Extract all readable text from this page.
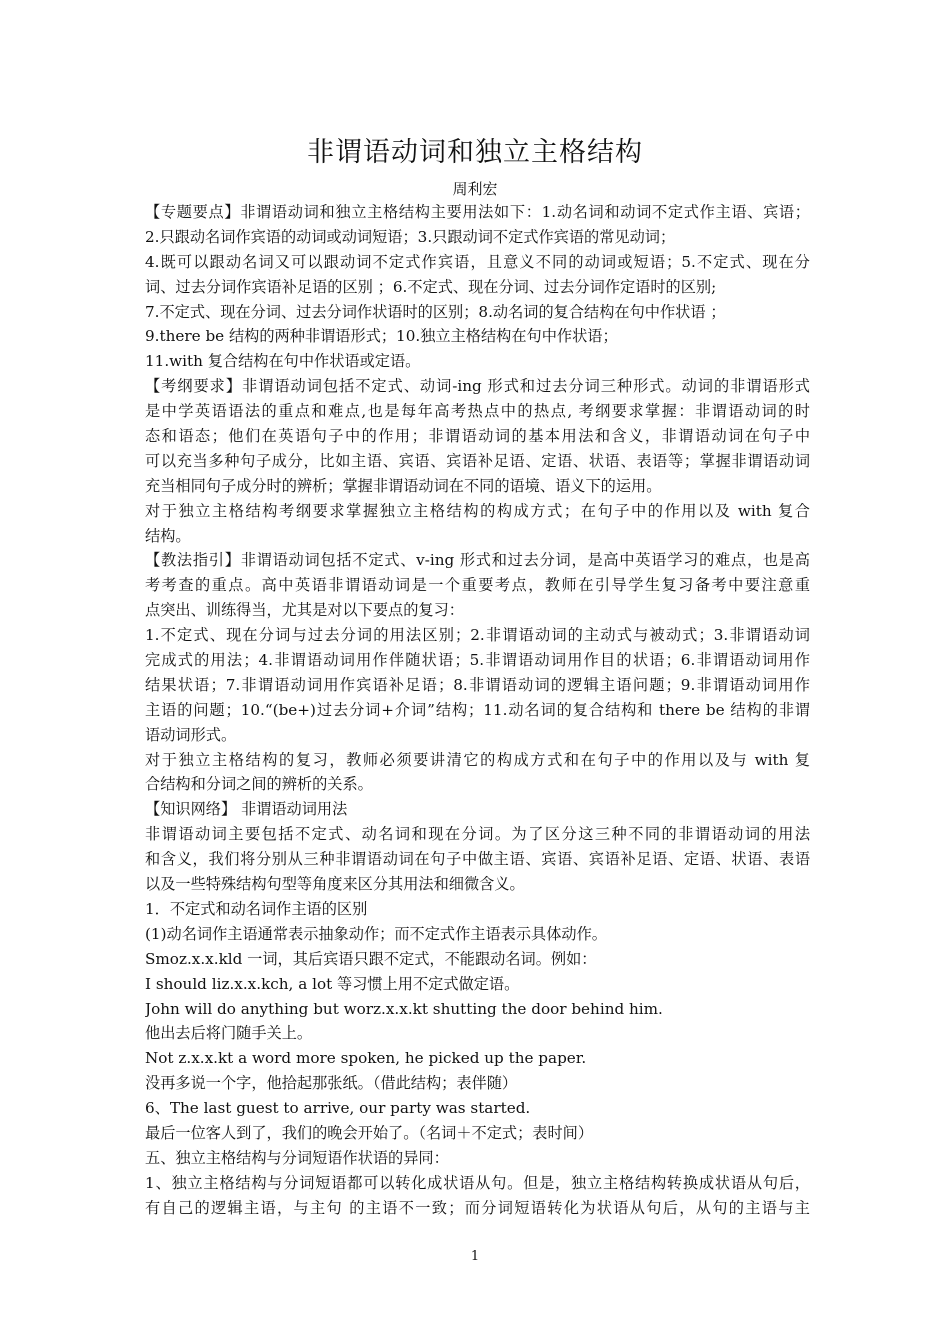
非谓语动词和独立主格结构
周利宏
【专题要点】非谓语动词和独立主格结构主要用法如下：1.动名词和动词不定式作主语、宾语；
2.只跟动名词作宾语的动词或动词短语；3.只跟动词不定式作宾语的常见动词；
4.既可以跟动名词又可以跟动词不定式作宾语，且意义不同的动词或短语；5.不定式、现在分
词、过去分词作宾语补足语的区别 ；6.不定式、现在分词、过去分词作定语时的区别;
7.不定式、现在分词、过去分词作状语时的区别；8.动名词的复合结构在句中作状语 ；
9.there be 结构的两种非谓语形式；10.独立主格结构在句中作状语；
11.with 复合结构在句中作状语或定语。
【考纲要求】非谓语动词包括不定式、动词-ing 形式和过去分词三种形式。动词的非谓语形式
是中学英语语法的重点和难点,也是每年高考热点中的热点, 考纲要求掌握：非谓语动词的时
态和语态；他们在英语句子中的作用；非谓语动词的基本用法和含义，非谓语动词在句子中
可以充当多种句子成分，比如主语、宾语、宾语补足语、定语、状语、表语等；掌握非谓语动词
充当相同句子成分时的辨析；掌握非谓语动词在不同的语境、语义下的运用。
对于独立主格结构考纲要求掌握独立主格结构的构成方式；在句子中的作用以及 with 复合
结构。
【教法指引】非谓语动词包括不定式、v-ing 形式和过去分词，是高中英语学习的难点，也是高
考考查的重点。高中英语非谓语动词是一个重要考点，教师在引导学生复习备考中要注意重
点突出、训练得当，尤其是对以下要点的复习：
1.不定式、现在分词与过去分词的用法区别；2.非谓语动词的主动式与被动式；3.非谓语动词
完成式的用法；4.非谓语动词用作伴随状语；5.非谓语动词用作目的状语；6.非谓语动词用作
结果状语；7.非谓语动词用作宾语补足语；8.非谓语动词的逻辑主语问题；9.非谓语动词用作
主语的问题；10.“(be+)过去分词+介词”结构；11.动名词的复合结构和 there be 结构的非谓
语动词形式。
对于独立主格结构的复习，教师必须要讲清它的构成方式和在句子中的作用以及与 with 复
合结构和分词之间的辨析的关系。
【知识网络】 非谓语动词用法
非谓语动词主要包括不定式、动名词和现在分词。为了区分这三种不同的非谓语动词的用法
和含义，我们将分别从三种非谓语动词在句子中做主语、宾语、宾语补足语、定语、状语、表语
以及一些特殊结构句型等角度来区分其用法和细微含义。
1．不定式和动名词作主语的区别
(1)动名词作主语通常表示抽象动作；而不定式作主语表示具体动作。
Smoz.x.x.kld 一词，其后宾语只跟不定式，不能跟动名词。例如：
I should liz.x.x.kch, a lot 等习惯上用不定式做定语。
John will do anything but worz.x.x.kt shutting the door behind him.
他出去后将门随手关上。
Not z.x.x.kt a word more spoken, he picked up the paper.
没再多说一个字，他拾起那张纸。（借此结构；表伴随）
6、The last guest to arrive, our party was started.
最后一位客人到了，我们的晚会开始了。（名词＋不定式；表时间）
五、独立主格结构与分词短语作状语的异同：
1、独立主格结构与分词短语都可以转化成状语从句。但是，独立主格结构转换成状语从句后，
有自己的逻辑主语，与主句 的主语不一致；而分词短语转化为状语从句后，从句的主语与主
1
